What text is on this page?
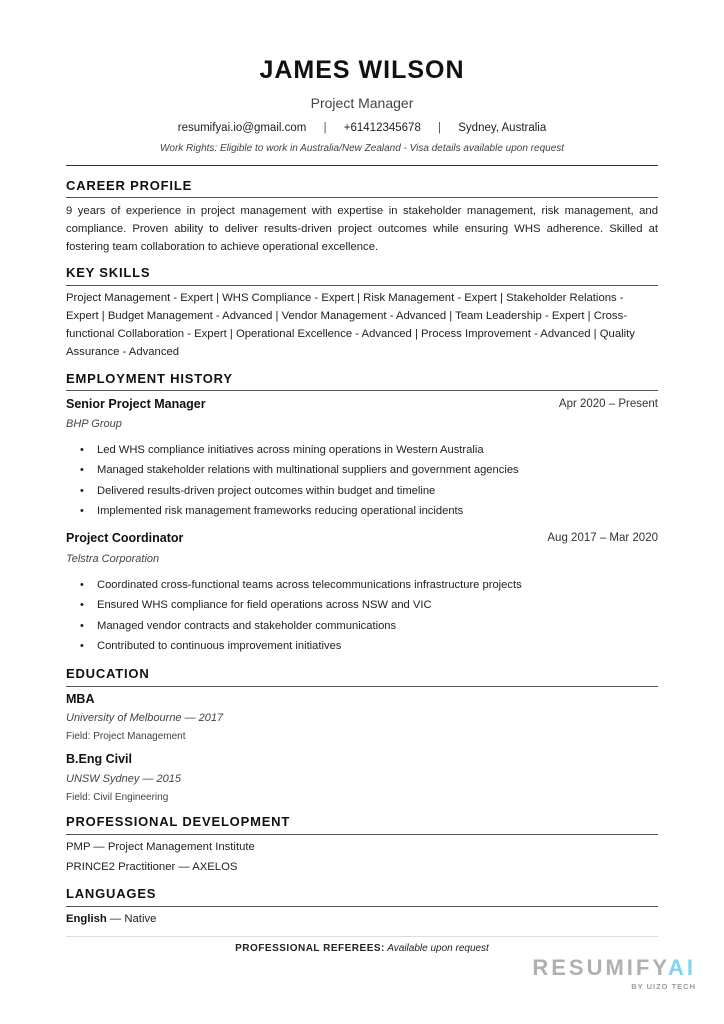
JAMES WILSON
Project Manager
resumifyai.io@gmail.com | +61412345678 | Sydney, Australia
Work Rights: Eligible to work in Australia/New Zealand - Visa details available upon request
CAREER PROFILE
9 years of experience in project management with expertise in stakeholder management, risk management, and compliance. Proven ability to deliver results-driven project outcomes while ensuring WHS adherence. Skilled at fostering team collaboration to achieve operational excellence.
KEY SKILLS
Project Management - Expert | WHS Compliance - Expert | Risk Management - Expert | Stakeholder Relations - Expert | Budget Management - Advanced | Vendor Management - Advanced | Team Leadership - Expert | Cross-functional Collaboration - Expert | Operational Excellence - Advanced | Process Improvement - Advanced | Quality Assurance - Advanced
EMPLOYMENT HISTORY
Senior Project Manager	Apr 2020 – Present
BHP Group
• Led WHS compliance initiatives across mining operations in Western Australia
• Managed stakeholder relations with multinational suppliers and government agencies
• Delivered results-driven project outcomes within budget and timeline
• Implemented risk management frameworks reducing operational incidents
Project Coordinator	Aug 2017 – Mar 2020
Telstra Corporation
• Coordinated cross-functional teams across telecommunications infrastructure projects
• Ensured WHS compliance for field operations across NSW and VIC
• Managed vendor contracts and stakeholder communications
• Contributed to continuous improvement initiatives
EDUCATION
MBA
University of Melbourne — 2017
Field: Project Management
B.Eng Civil
UNSW Sydney — 2015
Field: Civil Engineering
PROFESSIONAL DEVELOPMENT
PMP — Project Management Institute
PRINCE2 Practitioner — AXELOS
LANGUAGES
English — Native
PROFESSIONAL REFEREES: Available upon request
RESUMIFYAI
BY UIZO TECH
